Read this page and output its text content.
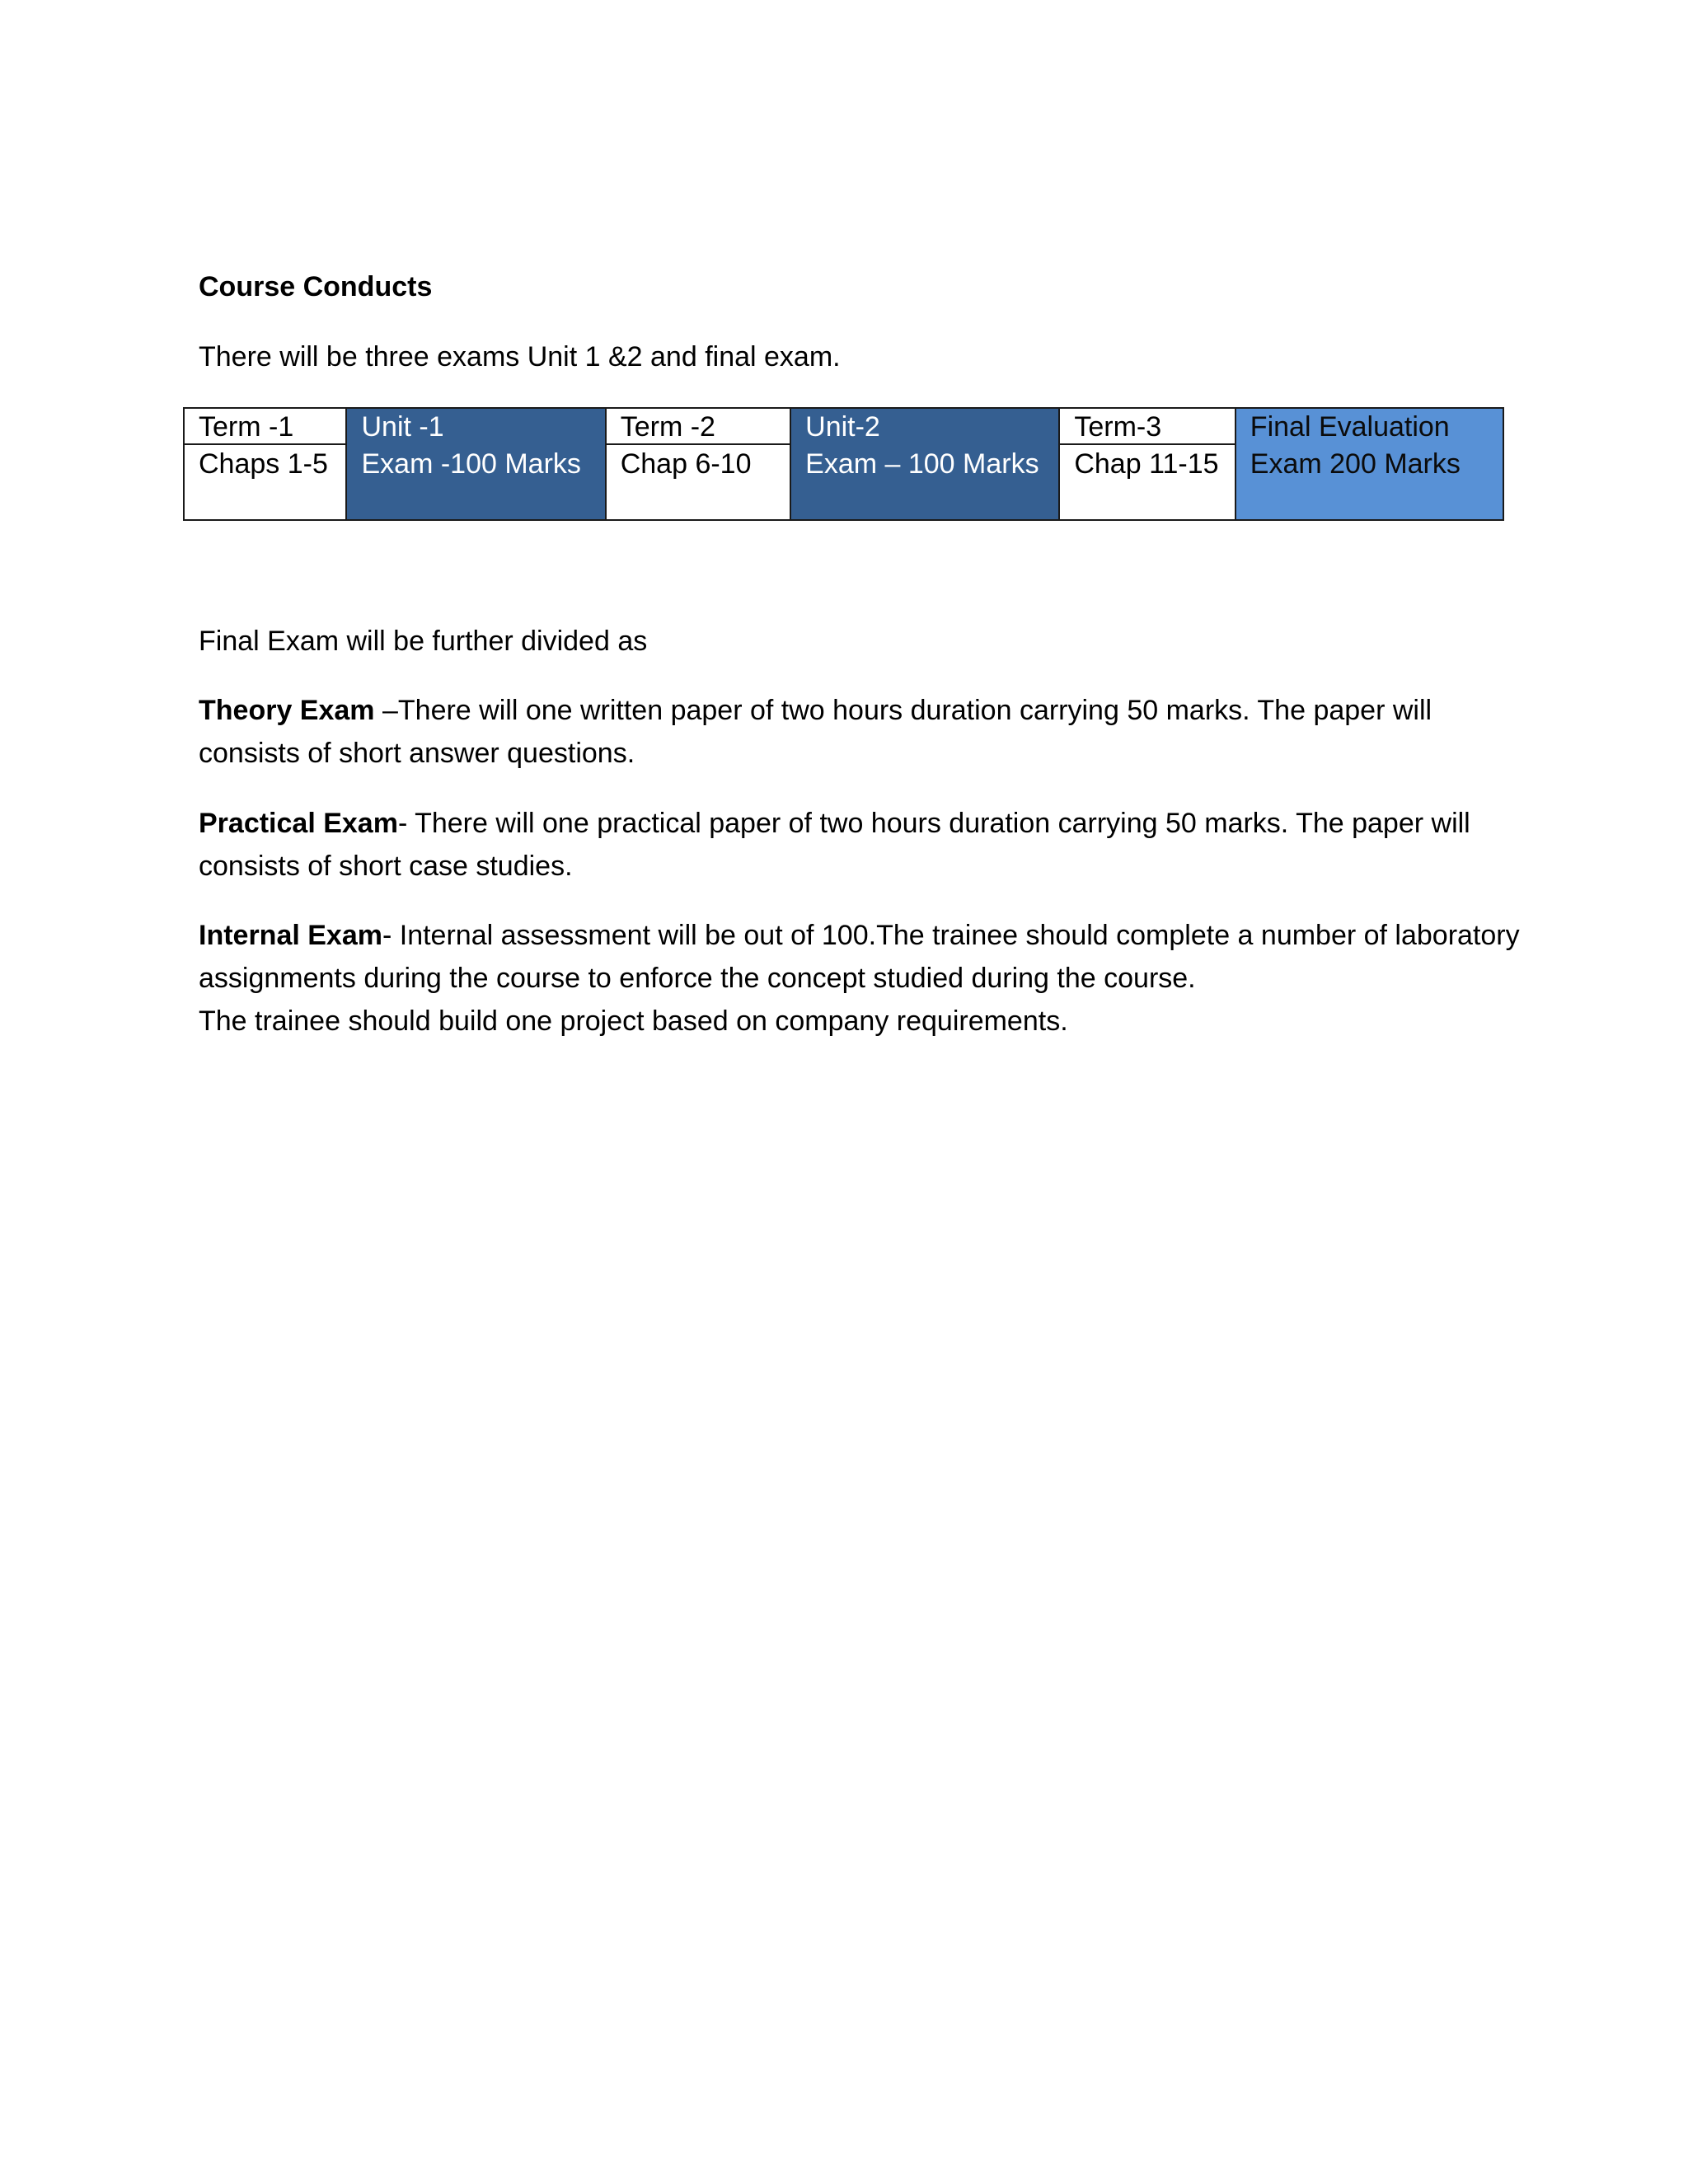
Course Conducts
There will be three exams Unit 1 &2 and final exam.
Term -1
Chaps 1-5
Unit -1
Exam -100 Marks
Term -2
Chap 6-10
Unit-2
Exam – 100 Marks
Term-3
Chap 11-15
Final Evaluation
Exam 200 Marks
Final Exam will be further divided as
Theory Exam –There will one written paper of two hours duration carrying 50 marks. The paper will consists of short answer questions.
Practical Exam- There will one practical paper of two hours duration carrying 50 marks. The paper will consists of short case studies.
Internal Exam- Internal assessment will be out of 100.The trainee should complete a number of laboratory assignments during the course to enforce the concept studied during the course.
The trainee should build one project based on company requirements.
